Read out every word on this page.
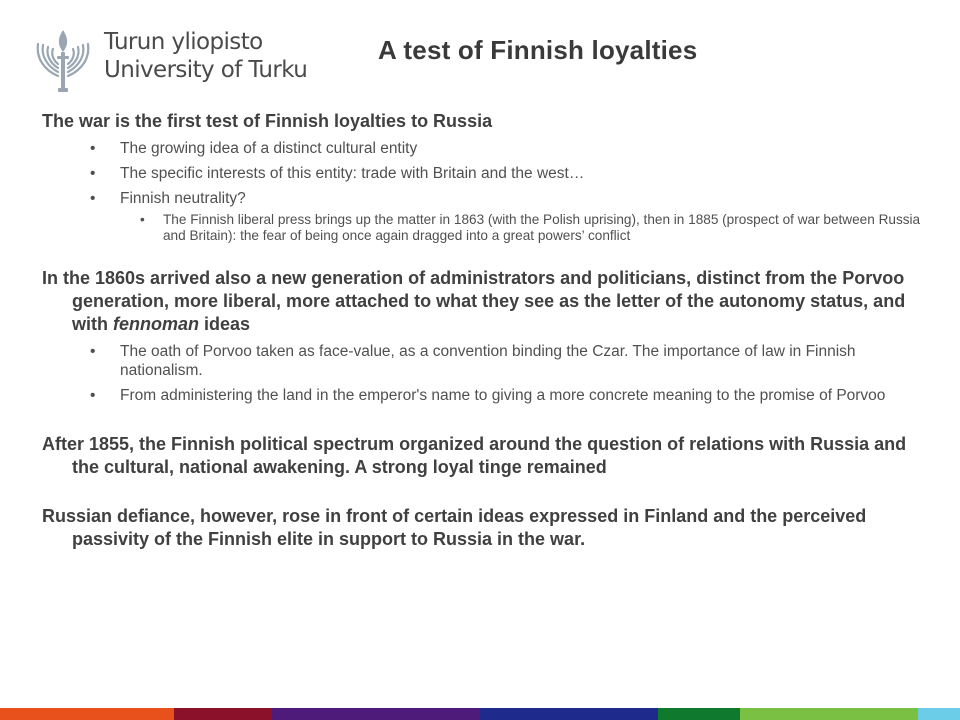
Turun yliopisto
University of Turku
A test of Finnish loyalties
The war is the first test of Finnish loyalties to Russia
• The growing idea of a distinct cultural entity
• The specific interests of this entity: trade with Britain and the west…
• Finnish neutrality?
• The Finnish liberal press brings up the matter in 1863 (with the Polish uprising), then in 1885 (prospect of war between Russia and Britain): the fear of being once again dragged into a great powers’ conflict
In the 1860s arrived also a new generation of administrators and politicians, distinct from the Porvoo generation, more liberal, more attached to what they see as the letter of the autonomy status, and with fennoman ideas
• The oath of Porvoo taken as face-value, as a convention binding the Czar. The importance of law in Finnish nationalism.
• From administering the land in the emperor's name to giving a more concrete meaning to the promise of Porvoo
After 1855, the Finnish political spectrum organized around the question of relations with Russia and the cultural, national awakening. A strong loyal tinge remained
Russian defiance, however, rose in front of certain ideas expressed in Finland and the perceived passivity of the Finnish elite in support to Russia in the war.
